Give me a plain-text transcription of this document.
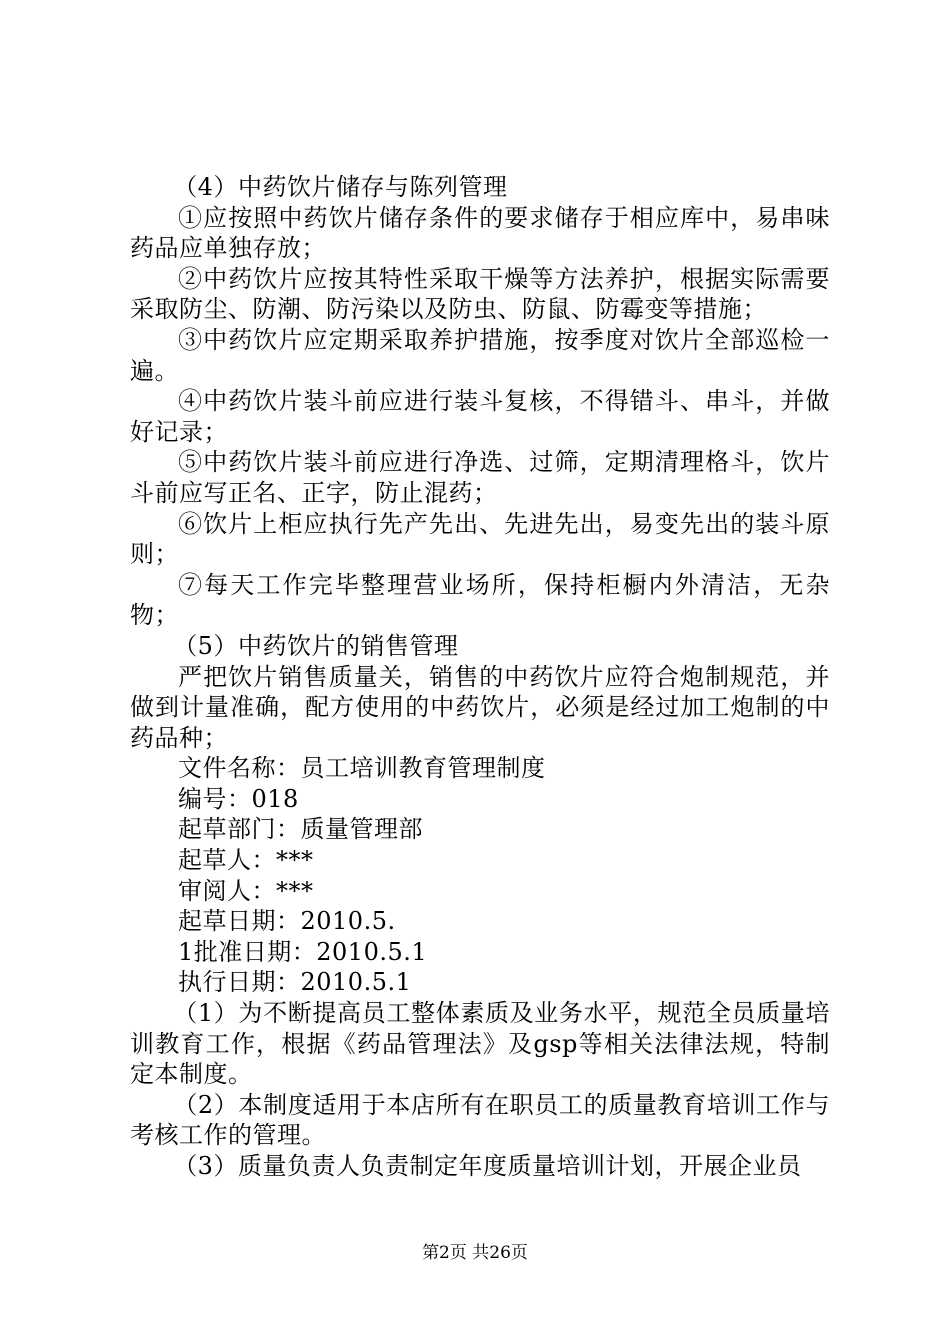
（4）中药饮片储存与陈列管理

①应按照中药饮片储存条件的要求储存于相应库中，易串味药品应单独存放；

②中药饮片应按其特性采取干燥等方法养护，根据实际需要采取防尘、防潮、防污染以及防虫、防鼠、防霉变等措施；

③中药饮片应定期采取养护措施，按季度对饮片全部巡检一遍。

④中药饮片装斗前应进行装斗复核，不得错斗、串斗，并做好记录；

⑤中药饮片装斗前应进行净选、过筛，定期清理格斗，饮片斗前应写正名、正字，防止混药；

⑥饮片上柜应执行先产先出、先进先出，易变先出的装斗原则；

⑦每天工作完毕整理营业场所，保持柜橱内外清洁，无杂物；

（5）中药饮片的销售管理

严把饮片销售质量关，销售的中药饮片应符合炮制规范，并做到计量准确，配方使用的中药饮片，必须是经过加工炮制的中药品种；

文件名称：员工培训教育管理制度

编号：018

起草部门：质量管理部

起草人：***

审阅人：***

起草日期：2010.5.

1批准日期：2010.5.1

执行日期：2010.5.1

（1）为不断提高员工整体素质及业务水平，规范全员质量培训教育工作，根据《药品管理法》及gsp等相关法律法规，特制定本制度。

（2）本制度适用于本店所有在职员工的质量教育培训工作与考核工作的管理。

（3）质量负责人负责制定年度质量培训计划，开展企业员

第2页 共26页
